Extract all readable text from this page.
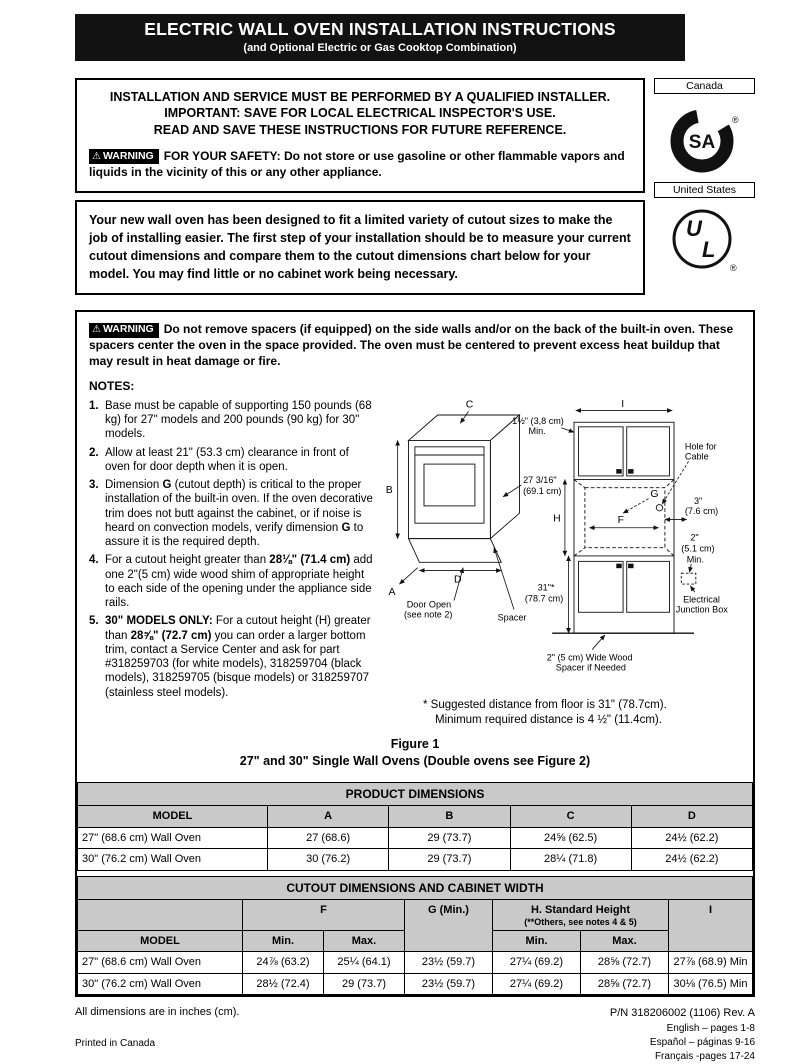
ELECTRIC WALL OVEN INSTALLATION INSTRUCTIONS
(and Optional Electric or Gas Cooktop Combination)
INSTALLATION AND SERVICE MUST BE PERFORMED BY A QUALIFIED INSTALLER.
IMPORTANT: SAVE FOR LOCAL ELECTRICAL INSPECTOR'S USE.
READ AND SAVE THESE INSTRUCTIONS FOR FUTURE REFERENCE.
⚠ WARNING FOR YOUR SAFETY: Do not store or use gasoline or other flammable vapors and liquids in the vicinity of this or any other appliance.
Your new wall oven has been designed to fit a limited variety of cutout sizes to make the job of installing easier. The first step of your installation should be to measure your current cutout dimensions and compare them to the cutout dimensions chart below for your model. You may find little or no cabinet work being necessary.
Canada
SA
®
United States
U
L
®
⚠ WARNING Do not remove spacers (if equipped) on the side walls and/or on the back of the built-in oven. These spacers center the oven in the space provided. The oven must be centered to prevent excess heat buildup that may result in heat damage or fire.
NOTES:
1. Base must be capable of supporting 150 pounds (68 kg) for 27" models and 200 pounds (90 kg) for 30" models.
2. Allow at least 21" (53.3 cm) clearance in front of oven for door depth when it is open.
3. Dimension G (cutout depth) is critical to the proper installation of the built-in oven. If the oven decorative trim does not butt against the cabinet, or if noise is heard on convection models, verify dimension G to assure it is the required depth.
4. For a cutout height greater than 28⅛" (71.4 cm) add one 2"(5 cm) wide wood shim of appropriate height to each side of the opening under the appliance side rails.
5. 30" MODELS ONLY: For a cutout height (H) greater than 28⅝" (72.7 cm) you can order a larger bottom trim, contact a Service Center and ask for part #318259703 (for white models), 318259704 (black models), 318259705 (bisque models) or 318259707 (stainless steel models).
B
C
D
A
27 3/16"
(69.1 cm)
Door Open
(see note 2)	Spacer
I
H	F
G
1½" (3,8 cm)
Min.
Hole for
Cable
3"
(7.6 cm)
31"*
(78.7 cm)
2"
(5.1 cm)
Min.
Electrical
Junction Box
2" (5 cm) Wide Wood
Spacer if Needed
* Suggested distance from floor is 31" (78.7cm).
Minimum required distance is 4 ½" (11.4cm).
Figure 1
27" and 30" Single Wall Ovens (Double ovens see Figure 2)
PRODUCT DIMENSIONS				
MODEL	A	B	C	D
27" (68.6 cm) Wall Oven	27 (68.6)	29 (73.7)	24⅝ (62.5)	24½ (62.2)
30" (76.2 cm) Wall Oven	30 (76.2)	29 (73.7)	28¼ (71.8)	24½ (62.2)
CUTOUT DIMENSIONS AND CABINET WIDTH						
	F		G (Min.)	H. Standard Height
(**Others, see notes 4 & 5)		I
MODEL	Min.	Max.		Min.	Max.	
27" (68.6 cm) Wall Oven	24⅞ (63.2)	25¼ (64.1)	23½ (59.7)	27¼ (69.2)	28⅝ (72.7)	27⅞ (68.9) Min
30" (76.2 cm) Wall Oven	28½ (72.4)	29 (73.7)	23½ (59.7)	27¼ (69.2)	28⅝ (72.7)	30⅛ (76.5) Min
All dimensions are in inches (cm).
Printed in Canada
P/N 318206002 (1106) Rev. A
English – pages 1-8
Español – páginas 9-16
Français -pages 17-24
